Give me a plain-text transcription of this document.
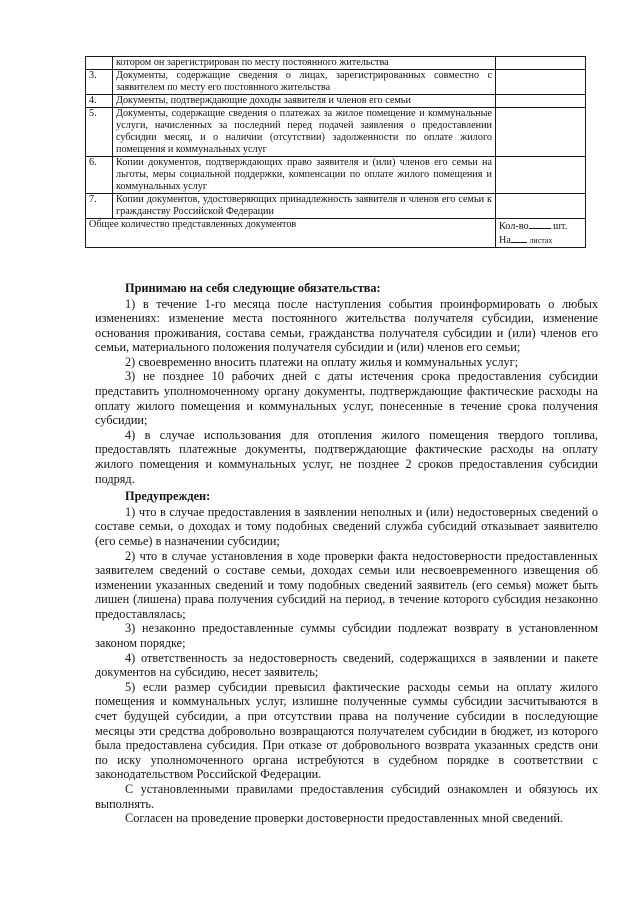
	котором он зарегистрирован по месту постоянного жительства	
3.	Документы, содержащие сведения о лицах, зарегистрированных совместно с заявителем по месту его постоянного жительства	
4.	Документы, подтверждающие доходы заявителя и членов его семьи	
5.	Документы, содержащие сведения о платежах за жилое помещение и коммунальные услуги, начисленных за последний перед подачей заявления о предоставлении субсидии месяц, и о наличии (отсутствии) задолженности по оплате жилого помещения и коммунальных услуг	
6.	Копии документов, подтверждающих право заявителя и (или) членов его семьи на льготы, меры социальной поддержки, компенсации по оплате жилого помещения и коммунальных услуг	
7.	Копии документов, удостоверяющих принадлежность заявителя и членов его семьи к гражданству Российской Федерации	
Общее количество представленных документов		Кол-во шт.
На листах
Принимаю на себя следующие обязательства:

1) в течение 1-го месяца после наступления события проинформировать о любых изменениях: изменение места постоянного жительства получателя субсидии, изменение основания проживания, состава семьи, гражданства получателя субсидии и (или) членов его семьи, материального положения получателя субсидии и (или) членов его семьи;

2) своевременно вносить платежи на оплату жилья и коммунальных услуг;

3) не позднее 10 рабочих дней с даты истечения срока предоставления субсидии представить уполномоченному органу документы, подтверждающие фактические расходы на оплату жилого помещения и коммунальных услуг, понесенные в течение срока получения субсидии;

4) в случае использования для отопления жилого помещения твердого топлива, предоставлять платежные документы, подтверждающие фактические расходы на оплату жилого помещения и коммунальных услуг, не позднее 2 сроков предоставления субсидии подряд.

Предупрежден:

1) что в случае предоставления в заявлении неполных и (или) недостоверных сведений о составе семьи, о доходах и тому подобных сведений служба субсидий отказывает заявителю (его семье) в назначении субсидии;

2) что в случае установления в ходе проверки факта недостоверности предоставленных заявителем сведений о составе семьи, доходах семьи или несвоевременного извещения об изменении указанных сведений и тому подобных сведений заявитель (его семья) может быть лишен (лишена) права получения субсидий на период, в течение которого субсидия незаконно предоставлялась;

3) незаконно предоставленные суммы субсидии подлежат возврату в установленном законом порядке;

4) ответственность за недостоверность сведений, содержащихся в заявлении и пакете документов на субсидию, несет заявитель;

5) если размер субсидии превысил фактические расходы семьи на оплату жилого помещения и коммунальных услуг, излишне полученные суммы субсидии засчитываются в счет будущей субсидии, а при отсутствии права на получение субсидии в последующие месяцы эти средства добровольно возвращаются получателем субсидии в бюджет, из которого была предоставлена субсидия. При отказе от добровольного возврата указанных средств они по иску уполномоченного органа истребуются в судебном порядке в соответствии с законодательством Российской Федерации.

С установленными правилами предоставления субсидий ознакомлен и обязуюсь их выполнять.

Согласен на проведение проверки достоверности предоставленных мной сведений.
